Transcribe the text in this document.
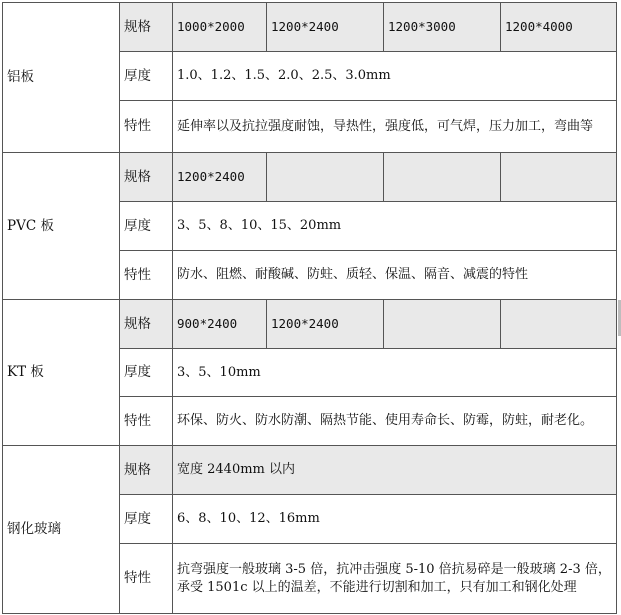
铝板	规格	1000*2000	1200*2400	1200*3000	1200*4000
	厚度	1.0、1.2、1.5、2.0、2.5、3.0mm			
	特性	延伸率以及抗拉强度耐蚀，导热性，强度低，可气焊，压力加工，弯曲等			
PVC 板	规格	1200*2400			
	厚度	3、5、8、10、15、20mm			
	特性	防水、阻燃、耐酸碱、防蛀、质轻、保温、隔音、减震的特性			
KT 板	规格	900*2400	1200*2400		
	厚度	3、5、10mm			
	特性	环保、防火、防水防潮、隔热节能、使用寿命长、防霉，防蛀，耐老化。			
钢化玻璃	规格	宽度 2440mm 以内			
	厚度	6、8、10、12、16mm			
	特性	抗弯强度一般玻璃 3-5 倍，抗冲击强度 5-10 倍抗易碎是一般玻璃 2-3 倍，承受 1501c 以上的温差，不能进行切割和加工，只有加工和钢化处理			
